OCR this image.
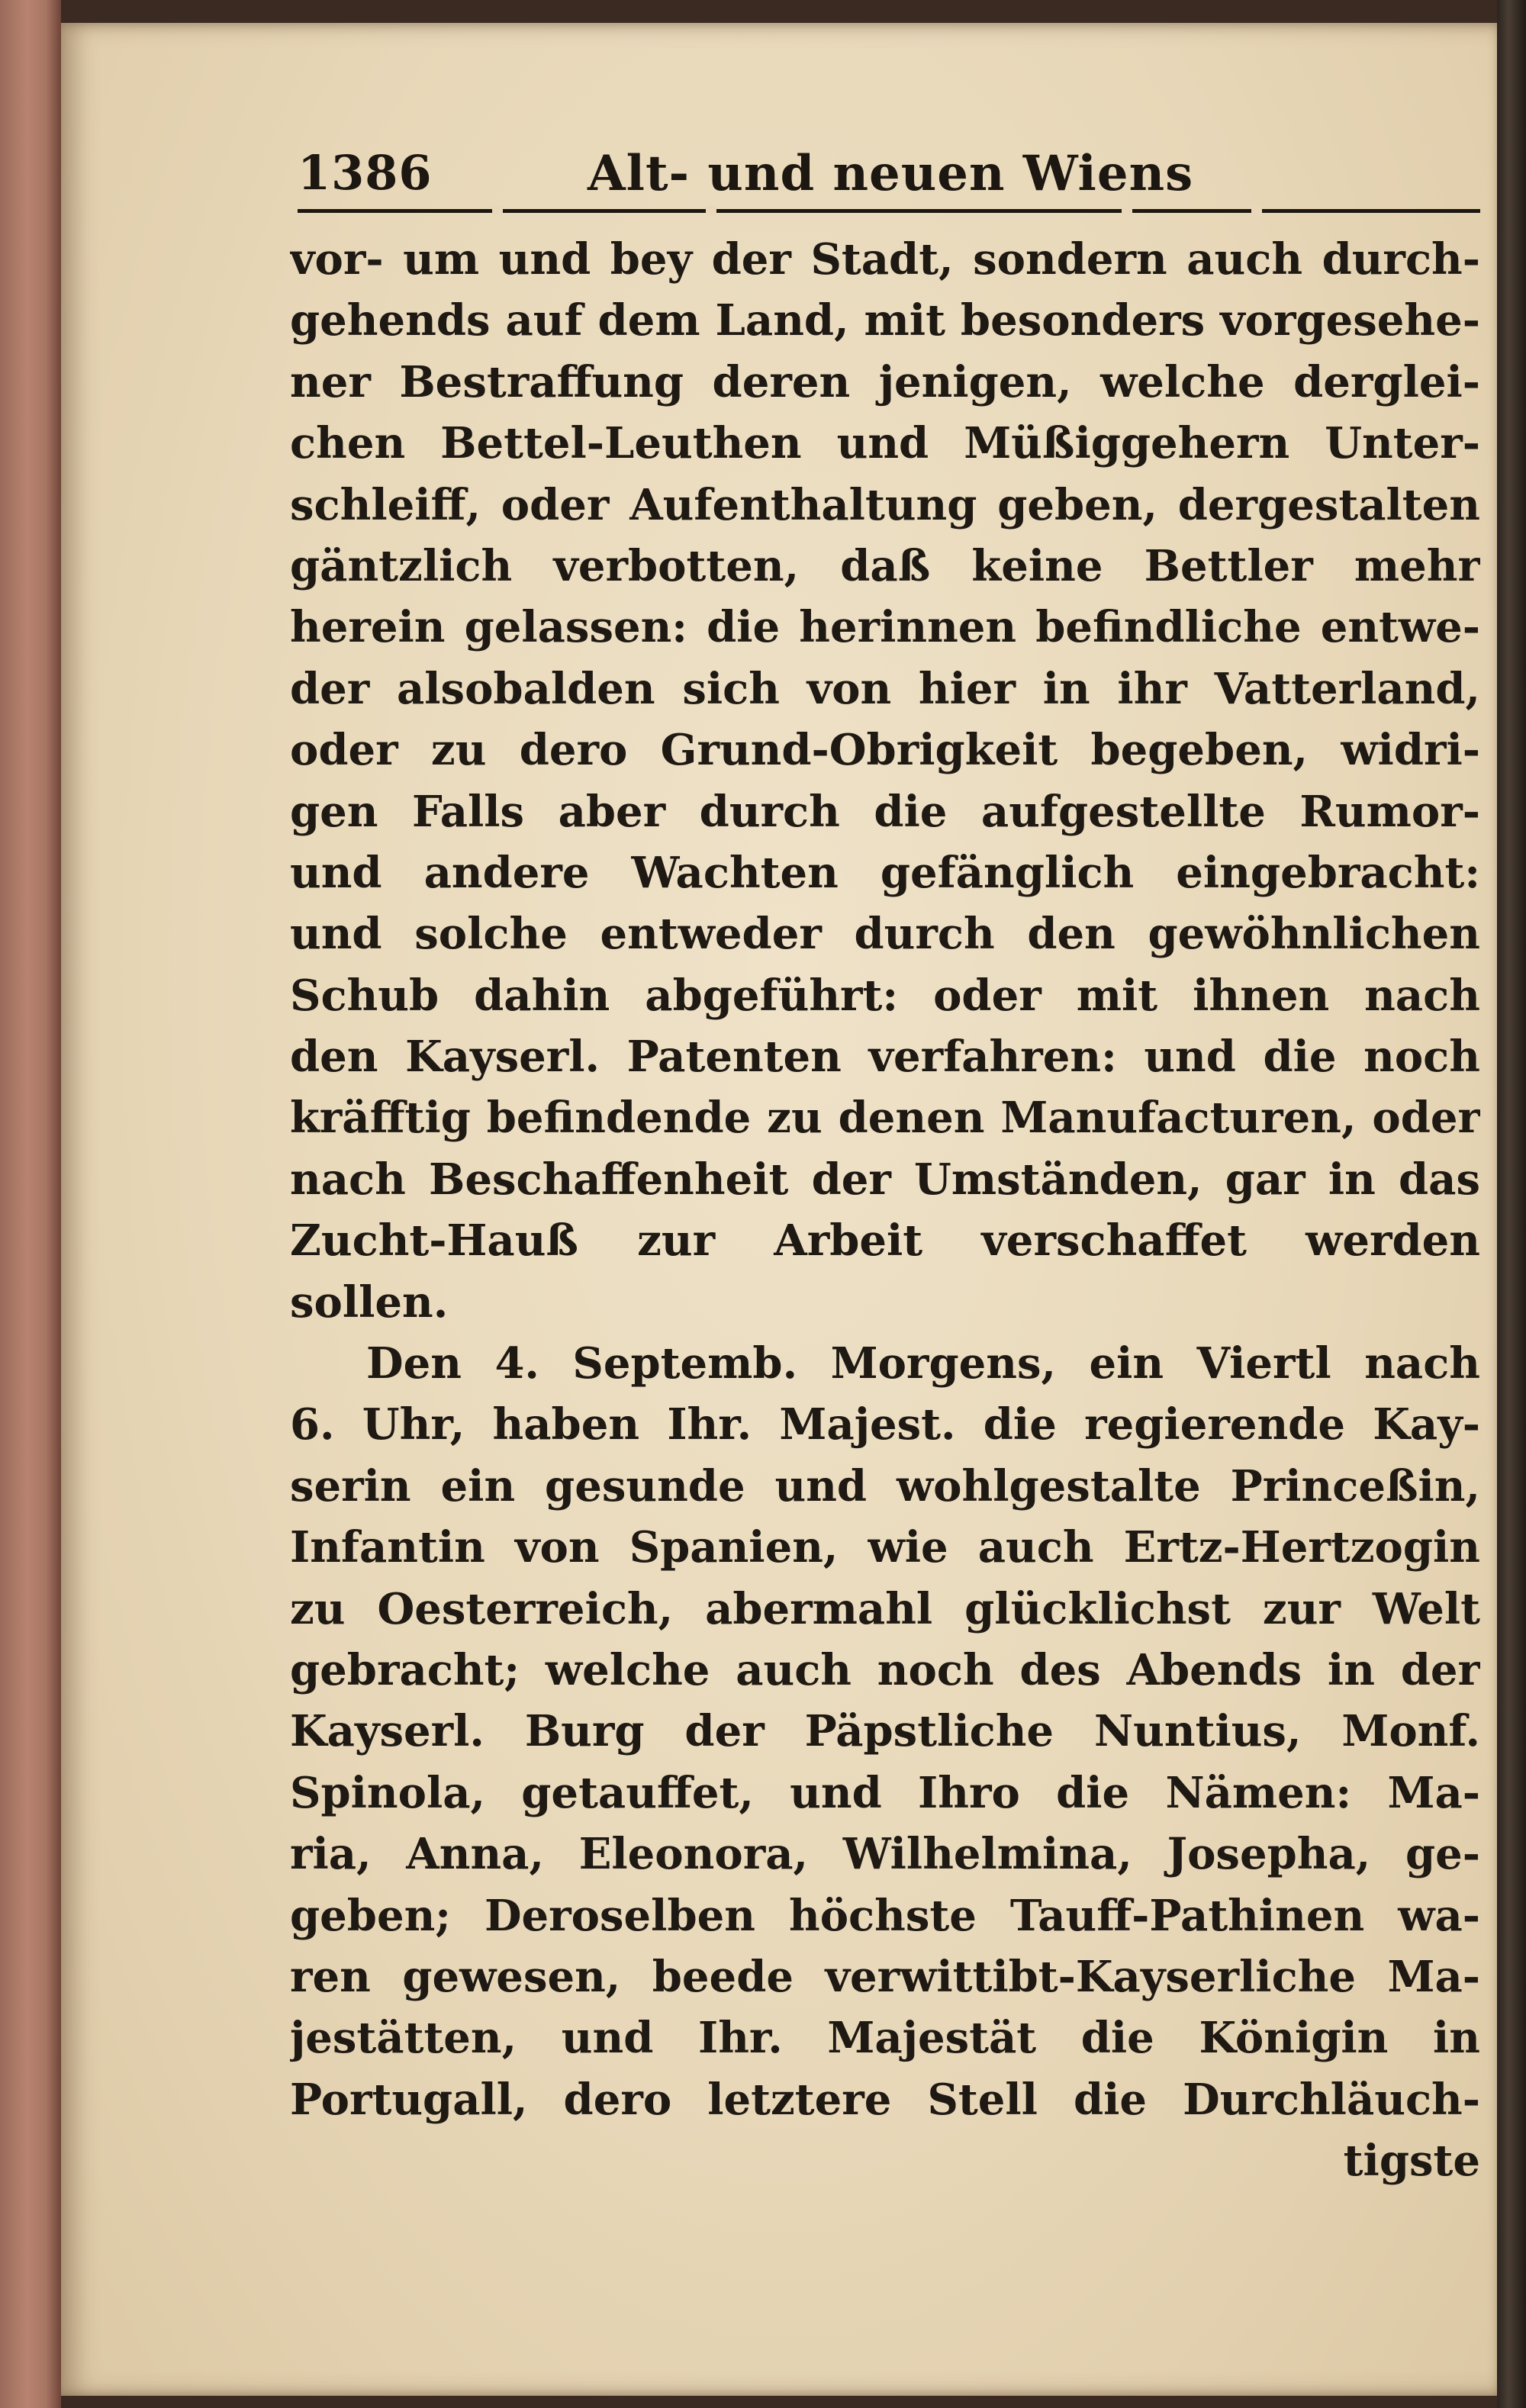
1386	Alt- und neuen Wiens
vor- um und bey der Stadt, sondern auch durch-
gehends auf dem Land, mit besonders vorgesehe-
ner Bestraffung deren jenigen, welche derglei-
chen Bettel-Leuthen und Müßiggehern Unter-
schleiff, oder Aufenthaltung geben, dergestalten
gäntzlich verbotten, daß keine Bettler mehr
herein gelassen: die herinnen befindliche entwe-
der alsobalden sich von hier in ihr Vatterland,
oder zu dero Grund-Obrigkeit begeben, widri-
gen Falls aber durch die aufgestellte Rumor-
und andere Wachten gefänglich eingebracht:
und solche entweder durch den gewöhnlichen
Schub dahin abgeführt: oder mit ihnen nach
den Kayserl. Patenten verfahren: und die noch
kräfftig befindende zu denen Manufacturen, oder
nach Beschaffenheit der Umständen, gar in das
Zucht-Hauß zur Arbeit verschaffet werden
sollen.
Den 4. Septemb. Morgens, ein Viertl nach
6. Uhr, haben Ihr. Majest. die regierende Kay-
serin ein gesunde und wohlgestalte Princeßin,
Infantin von Spanien, wie auch Ertz-Hertzogin
zu Oesterreich, abermahl glücklichst zur Welt
gebracht; welche auch noch des Abends in der
Kayserl. Burg der Päpstliche Nuntius, Monf.
Spinola, getauffet, und Ihro die Nämen: Ma-
ria, Anna, Eleonora, Wilhelmina, Josepha, ge-
geben; Deroselben höchste Tauff-Pathinen wa-
ren gewesen, beede verwittibt-Kayserliche Ma-
jestätten, und Ihr. Majestät die Königin in
Portugall, dero letztere Stell die Durchläuch-
tigste
